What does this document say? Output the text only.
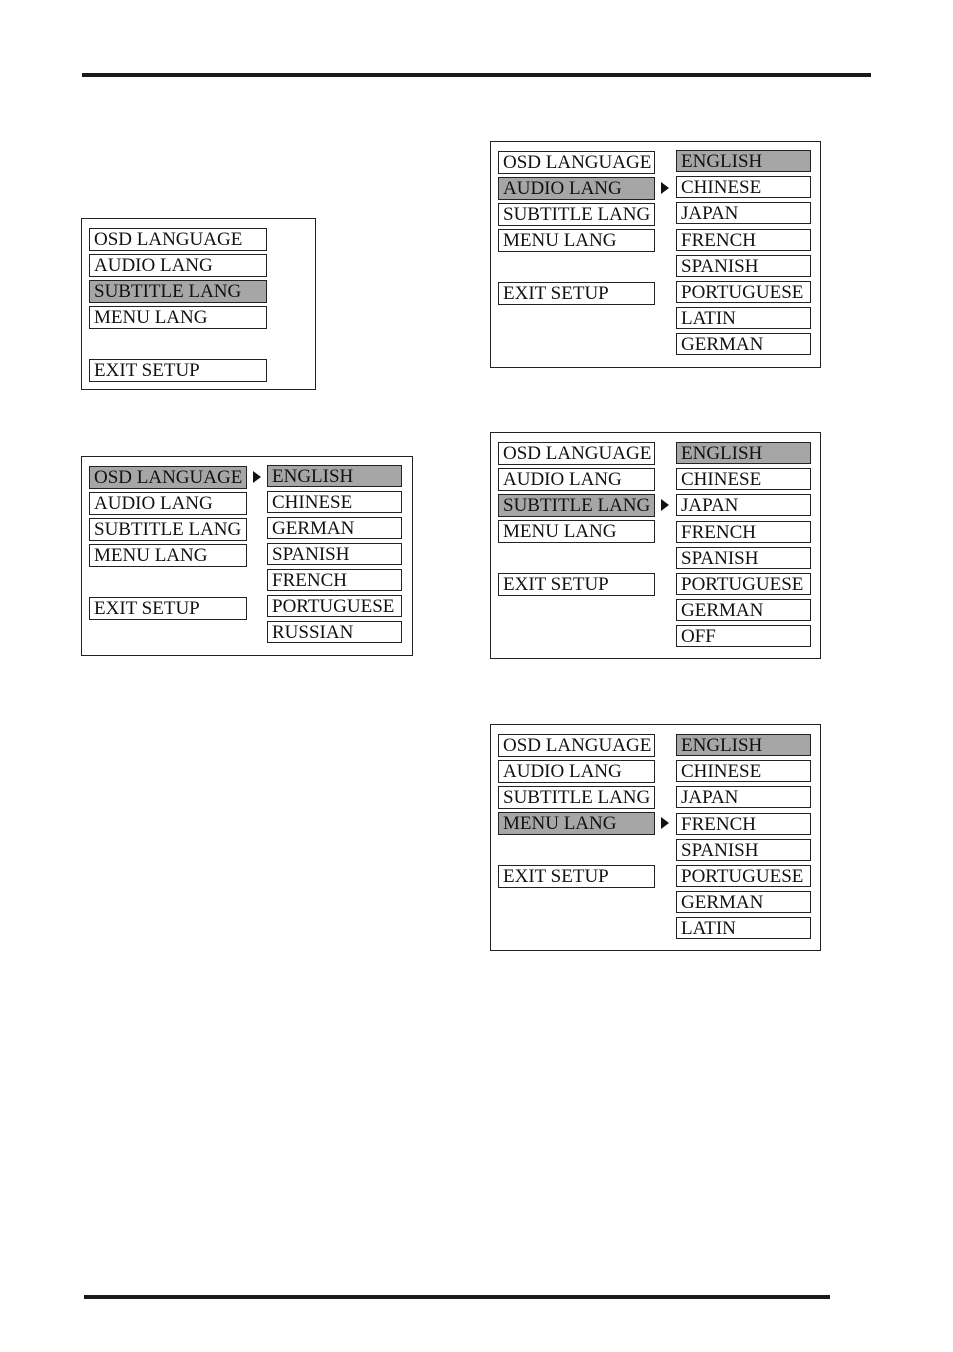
OSD LANGUAGE
AUDIO LANG
SUBTITLE LANG
MENU LANG
EXIT SETUP
OSD LANGUAGE
AUDIO LANG
SUBTITLE LANG
MENU LANG
EXIT SETUP
ENGLISH
CHINESE
GERMAN
SPANISH
FRENCH
PORTUGUESE
RUSSIAN
OSD LANGUAGE
AUDIO LANG
SUBTITLE LANG
MENU LANG
EXIT SETUP
ENGLISH
CHINESE
JAPAN
FRENCH
SPANISH
PORTUGUESE
LATIN
GERMAN
OSD LANGUAGE
AUDIO LANG
SUBTITLE LANG
MENU LANG
EXIT SETUP
ENGLISH
CHINESE
JAPAN
FRENCH
SPANISH
PORTUGUESE
GERMAN
OFF
OSD LANGUAGE
AUDIO LANG
SUBTITLE LANG
MENU LANG
EXIT SETUP
ENGLISH
CHINESE
JAPAN
FRENCH
SPANISH
PORTUGUESE
GERMAN
LATIN
